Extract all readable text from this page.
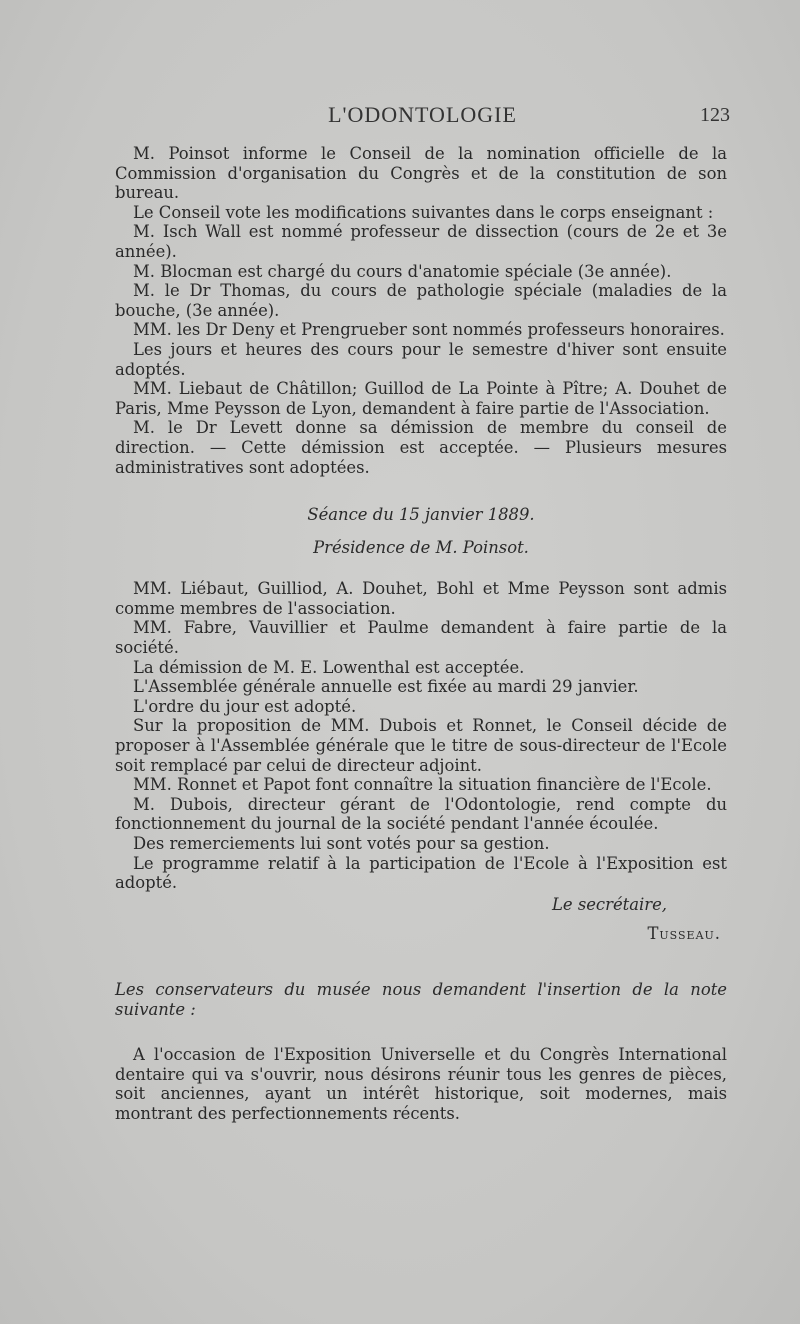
L'ODONTOLOGIE	123

M. Poinsot informe le Conseil de la nomination officielle de la Commission d'organisation du Congrès et de la constitution de son bureau.

Le Conseil vote les modifications suivantes dans le corps enseignant :

M. Isch Wall est nommé professeur de dissection (cours de 2e et 3e année).

M. Blocman est chargé du cours d'anatomie spéciale (3e année).

M. le Dr Thomas, du cours de pathologie spéciale (maladies de la bouche, (3e année).

MM. les Dr Deny et Prengrueber sont nommés professeurs honoraires.

Les jours et heures des cours pour le semestre d'hiver sont ensuite adoptés.

MM. Liebaut de Châtillon; Guillod de La Pointe à Pître; A. Douhet de Paris, Mme Peysson de Lyon, demandent à faire partie de l'Association.

M. le Dr Levett donne sa démission de membre du conseil de direction. — Cette démission est acceptée. — Plusieurs mesures administratives sont adoptées.

Séance du 15 janvier 1889.

Présidence de M. Poinsot.

MM. Liébaut, Guilliod, A. Douhet, Bohl et Mme Peysson sont admis comme membres de l'association.

MM. Fabre, Vauvillier et Paulme demandent à faire partie de la société.

La démission de M. E. Lowenthal est acceptée.

L'Assemblée générale annuelle est fixée au mardi 29 janvier.

L'ordre du jour est adopté.

Sur la proposition de MM. Dubois et Ronnet, le Conseil décide de proposer à l'Assemblée générale que le titre de sous-directeur de l'Ecole soit remplacé par celui de directeur adjoint.

MM. Ronnet et Papot font connaître la situation financière de l'Ecole.

M. Dubois, directeur gérant de l'Odontologie, rend compte du fonctionnement du journal de la société pendant l'année écoulée.

Des remerciements lui sont votés pour sa gestion.

Le programme relatif à la participation de l'Ecole à l'Exposition est adopté.

Le secrétaire,

Tusseau.

Les conservateurs du musée nous demandent l'insertion de la note suivante :

A l'occasion de l'Exposition Universelle et du Congrès International dentaire qui va s'ouvrir, nous désirons réunir tous les genres de pièces, soit anciennes, ayant un intérêt historique, soit modernes, mais montrant des perfectionnements récents.
